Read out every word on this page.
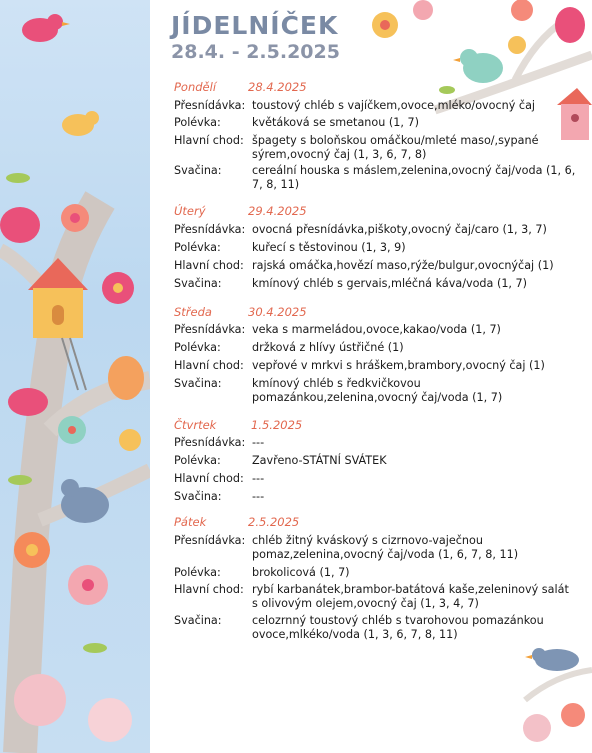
JÍDELNÍČEK
28.4. - 2.5.2025
Pondělí	28.4.2025
Přesnídávka: toustový chléb s vajíčkem,ovoce,mléko/ovocný čaj
Polévka:	květáková se smetanou (1, 7)
Hlavní chod: špagety s boloňskou omáčkou/mleté maso/,sypané sýrem,ovocný čaj (1, 3, 6, 7, 8)
Svačina:	cereální houska s máslem,zelenina,ovocný čaj/voda (1, 6, 7, 8, 11)
Úterý	29.4.2025
Přesnídávka: ovocná přesnídávka,piškoty,ovocný čaj/caro (1, 3, 7)
Polévka:	kuřecí s těstovinou (1, 3, 9)
Hlavní chod: rajská omáčka,hovězí maso,rýže/bulgur,ovocnýčaj (1)
Svačina:	kmínový chléb s gervais,mléčná káva/voda (1, 7)
Středa	30.4.2025
Přesnídávka: veka s marmeládou,ovoce,kakao/voda (1, 7)
Polévka:	držková z hlívy ústřičné (1)
Hlavní chod: vepřové v mrkvi s hráškem,brambory,ovocný čaj (1)
Svačina:	kmínový chléb s ředkvičkovou pomazánkou,zelenina,ovocný čaj/voda (1, 7)
Čtvrtek	1.5.2025
Přesnídávka: ---
Polévka:	Zavřeno-STÁTNÍ SVÁTEK
Hlavní chod: ---
Svačina:	---
Pátek	2.5.2025
Přesnídávka: chléb žitný kváskový s cizrnovo-vaječnou pomaz,zelenina,ovocný čaj/voda (1, 6, 7, 8, 11)
Polévka:	brokolicová (1, 7)
Hlavní chod: rybí karbanátek,brambor-batátová kaše,zeleninový salát s olivovým olejem,ovocný čaj (1, 3, 4, 7)
Svačina:	celozrnný toustový chléb s tvarohovou pomazánkou ovoce,mlkéko/voda (1, 3, 6, 7, 8, 11)
